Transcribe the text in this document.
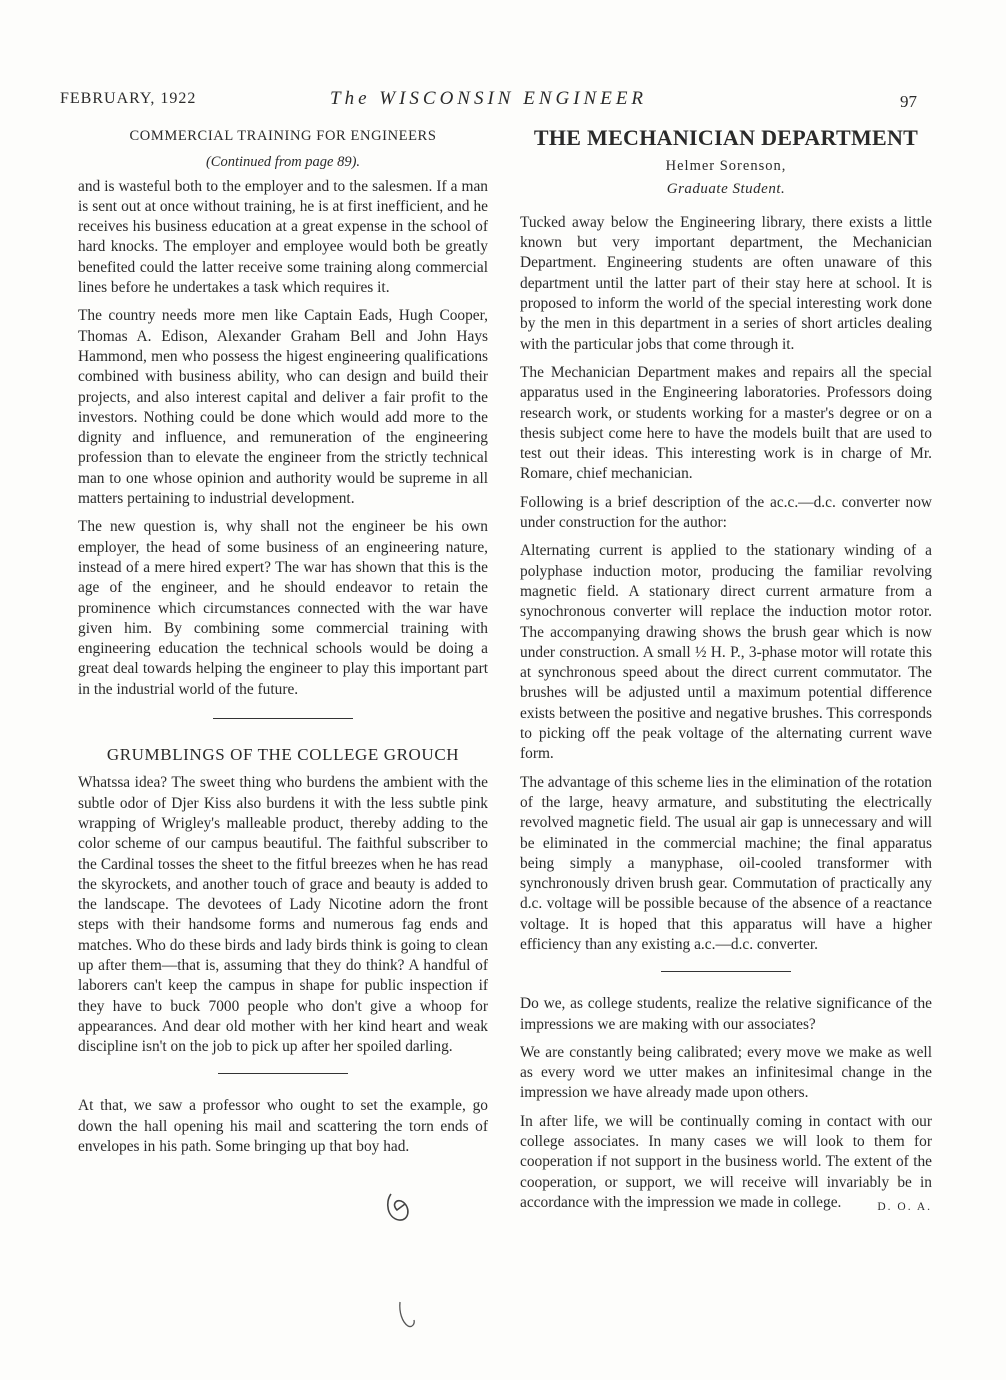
FEBRUARY, 1922	The WISCONSIN ENGINEER	97
COMMERCIAL TRAINING FOR ENGINEERS
(Continued from page 89).

and is wasteful both to the employer and to the salesmen. If a man is sent out at once without training, he is at first inefficient, and he receives his business education at a great expense in the school of hard knocks. The employer and employee would both be greatly benefited could the latter receive some training along commercial lines before he undertakes a task which requires it.

The country needs more men like Captain Eads, Hugh Cooper, Thomas A. Edison, Alexander Graham Bell and John Hays Hammond, men who possess the higest engineering qualifications combined with business ability, who can design and build their projects, and also interest capital and deliver a fair profit to the investors. Nothing could be done which would add more to the dignity and influence, and remuneration of the engineering profession than to elevate the engineer from the strictly technical man to one whose opinion and authority would be supreme in all matters pertaining to industrial development.

The new question is, why shall not the engineer be his own employer, the head of some business of an engineering nature, instead of a mere hired expert? The war has shown that this is the age of the engineer, and he should endeavor to retain the prominence which circumstances connected with the war have given him. By combining some commercial training with engineering education the technical schools would be doing a great deal towards helping the engineer to play this important part in the industrial world of the future.

GRUMBLINGS OF THE COLLEGE GROUCH

Whatssa idea? The sweet thing who burdens the ambient with the subtle odor of Djer Kiss also burdens it with the less subtle pink wrapping of Wrigley's malleable product, thereby adding to the color scheme of our campus beautiful. The faithful subscriber to the Cardinal tosses the sheet to the fitful breezes when he has read the skyrockets, and another touch of grace and beauty is added to the landscape. The devotees of Lady Nicotine adorn the front steps with their handsome forms and numerous fag ends and matches. Who do these birds and lady birds think is going to clean up after them—that is, assuming that they do think? A handful of laborers can't keep the campus in shape for public inspection if they have to buck 7000 people who don't give a whoop for appearances. And dear old mother with her kind heart and weak discipline isn't on the job to pick up after her spoiled darling.

At that, we saw a professor who ought to set the example, go down the hall opening his mail and scattering the torn ends of envelopes in his path. Some bringing up that boy had.

THE MECHANICIAN DEPARTMENT
Helmer Sorenson,
Graduate Student.

Tucked away below the Engineering library, there exists a little known but very important department, the Mechanician Department. Engineering students are often unaware of this department until the latter part of their stay here at school. It is proposed to inform the world of the special interesting work done by the men in this department in a series of short articles dealing with the particular jobs that come through it.

The Mechanician Department makes and repairs all the special apparatus used in the Engineering laboratories. Professors doing research work, or students working for a master's degree or on a thesis subject come here to have the models built that are used to test out their ideas. This interesting work is in charge of Mr. Romare, chief mechanician.

Following is a brief description of the ac.c.—d.c. converter now under construction for the author:

Alternating current is applied to the stationary winding of a polyphase induction motor, producing the familiar revolving magnetic field. A stationary direct current armature from a synochronous converter will replace the induction motor rotor. The accompanying drawing shows the brush gear which is now under construction. A small ½ H. P., 3-phase motor will rotate this at synchronous speed about the direct current commutator. The brushes will be adjusted until a maximum potential difference exists between the positive and negative brushes. This corresponds to picking off the peak voltage of the alternating current wave form.

The advantage of this scheme lies in the elimination of the rotation of the large, heavy armature, and substituting the electrically revolved magnetic field. The usual air gap is unnecessary and will be eliminated in the commercial machine; the final apparatus being simply a manyphase, oil-cooled transformer with synchronously driven brush gear. Commutation of practically any d.c. voltage will be possible because of the absence of a reactance voltage. It is hoped that this apparatus will have a higher efficiency than any existing a.c.—d.c. converter.

Do we, as college students, realize the relative significance of the impressions we are making with our associates?

We are constantly being calibrated; every move we make as well as every word we utter makes an infinitesimal change in the impression we have already made upon others.

In after life, we will be continually coming in contact with our college associates. In many cases we will look to them for cooperation if not support in the business world. The extent of the cooperation, or support, we will receive will invariably be in accordance with the impression we made in college.	D. O. A.
